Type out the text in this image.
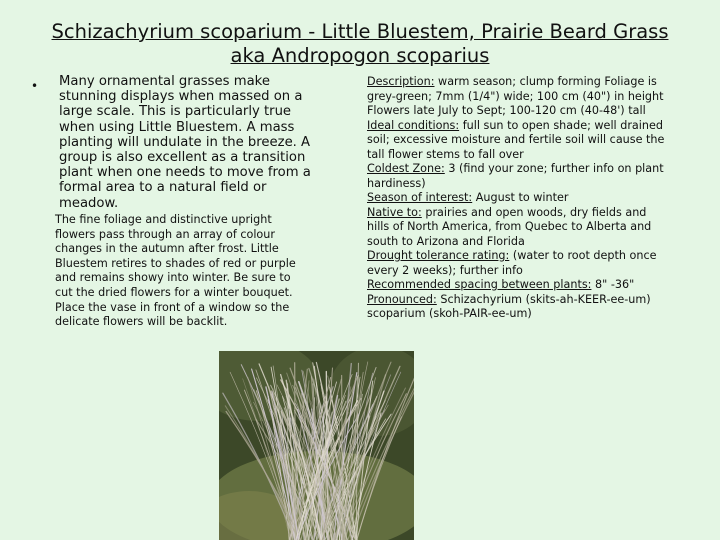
Schizachyrium scoparium - Little Bluestem, Prairie Beard Grass
aka Andropogon scoparius
• Many ornamental grasses make stunning displays when massed on a large scale. This is particularly true when using Little Bluestem. A mass planting will undulate in the breeze. A group is also excellent as a transition plant when one needs to move from a formal area to a natural field or meadow.
The fine foliage and distinctive upright flowers pass through an array of colour changes in the autumn after frost. Little Bluestem retires to shades of red or purple and remains showy into winter. Be sure to cut the dried flowers for a winter bouquet. Place the vase in front of a window so the delicate flowers will be backlit.
Description: warm season; clump forming Foliage is grey-green; 7mm (1/4") wide; 100 cm (40") in height Flowers late July to Sept; 100-120 cm (40-48') tall
Ideal conditions: full sun to open shade; well drained soil; excessive moisture and fertile soil will cause the tall flower stems to fall over
Coldest Zone: 3 (find your zone; further info on plant hardiness)
Season of interest: August to winter
Native to: prairies and open woods, dry fields and hills of North America, from Quebec to Alberta and south to Arizona and Florida
Drought tolerance rating: (water to root depth once every 2 weeks); further info
Recommended spacing between plants: 8" -36"
Pronounced: Schizachyrium (skits-ah-KEER-ee-um) scoparium (skoh-PAIR-ee-um)
